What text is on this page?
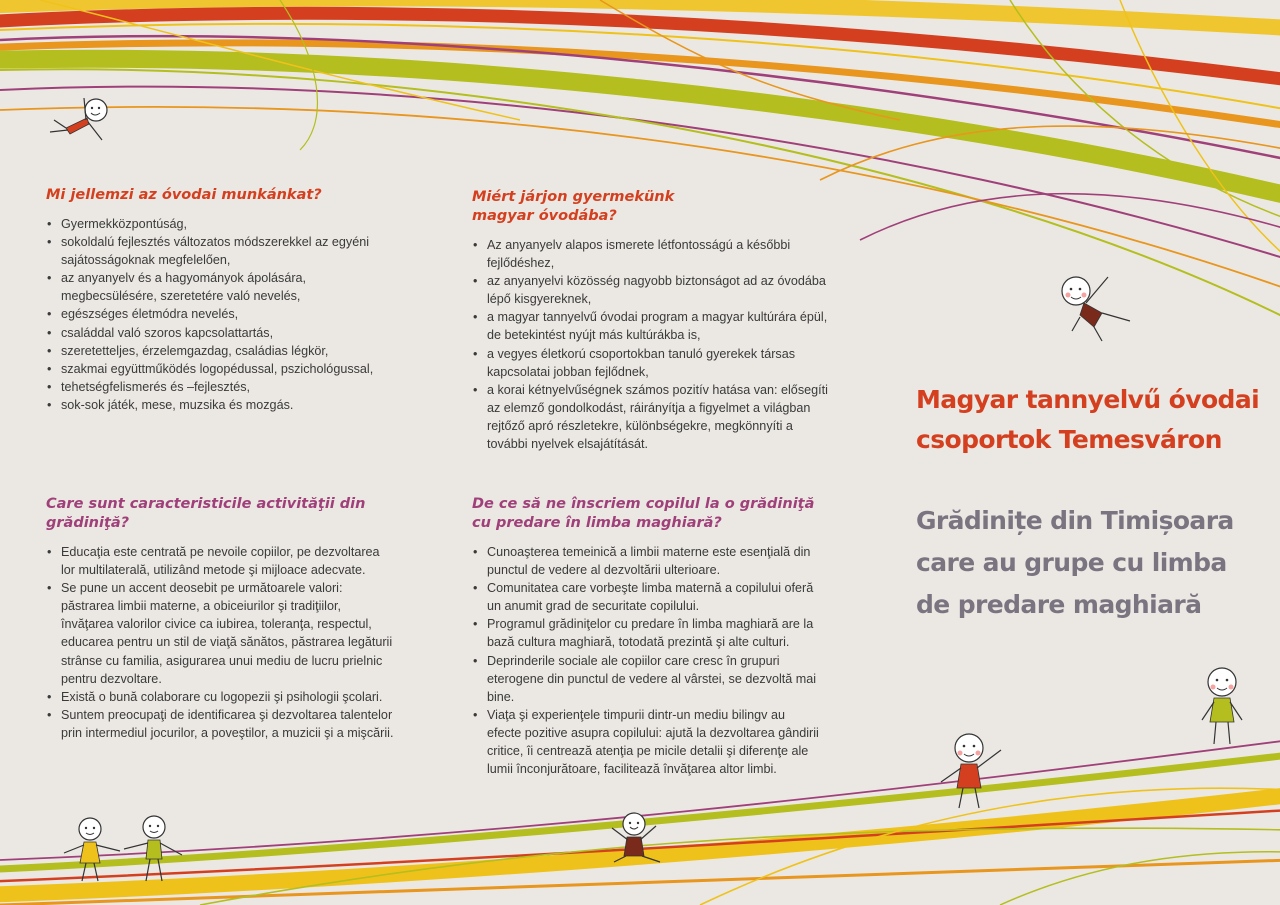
Mi jellemzi az óvodai munkánkat?
• Gyermekközpontúság,
• sokoldalú fejlesztés változatos módszerekkel az egyéni sajátosságoknak megfelelően,
• az anyanyelv és a hagyományok ápolására, megbecsülésére, szeretetére való nevelés,
• egészséges életmódra nevelés,
• családdal való szoros kapcsolattartás,
• szeretetteljes, érzelemgazdag, családias légkör,
• szakmai együttműködés logopédussal, pszichológussal,
• tehetségfelismerés és –fejlesztés,
• sok-sok játék, mese, muzsika és mozgás.
Miért járjon gyermekünk magyar óvodába?
• Az anyanyelv alapos ismerete létfontosságú a későbbi fejlődéshez,
• az anyanyelvi közösség nagyobb biztonságot ad az óvodába lépő kisgyereknek,
• a magyar tannyelvű óvodai program a magyar kultúrára épül, de betekintést nyújt más kultúrákba is,
• a vegyes életkorú csoportokban tanuló gyerekek társas kapcsolatai jobban fejlődnek,
• a korai kétnyelvűségnek számos pozitív hatása van: elősegíti az elemző gondolkodást, ráirányítja a figyelmet a világban rejtőző apró részletekre, különbségekre, megkönnyíti a további nyelvek elsajátítását.
Care sunt caracteristicile activităţii din grădiniţă?
• Educaţia este centrată pe nevoile copiilor, pe dezvoltarea lor multilaterală, utilizând metode şi mijloace adecvate.
• Se pune un accent deosebit pe următoarele valori: păstrarea limbii materne, a obiceiurilor şi tradiţiilor, învăţarea valorilor civice ca iubirea, toleranţa, respectul, educarea pentru un stil de viaţă sănătos, păstrarea legăturii strânse cu familia, asigurarea unui mediu de lucru prielnic pentru dezvoltare.
• Există o bună colaborare cu logopezii şi psihologii şcolari.
• Suntem preocupaţi de identificarea şi dezvoltarea talentelor prin intermediul jocurilor, a poveştilor, a muzicii şi a mişcării.
De ce să ne înscriem copilul la o grădiniţă cu predare în limba maghiară?
• Cunoaşterea temeinică a limbii materne este esenţială din punctul de vedere al dezvoltării ulterioare.
• Comunitatea care vorbeşte limba maternă a copilului oferă un anumit grad de securitate copilului.
• Programul grădiniţelor cu predare în limba maghiară are la bază cultura maghiară, totodată prezintă şi alte culturi.
• Deprinderile sociale ale copiilor care cresc în grupuri eterogene din punctul de vedere al vârstei, se dezvoltă mai bine.
• Viaţa şi experienţele timpurii dintr-un mediu bilingv au efecte pozitive asupra copilului: ajută la dezvoltarea gândirii critice, îi centrează atenţia pe micile detalii şi diferenţe ale lumii înconjurătoare, facilitează învăţarea altor limbi.
Magyar tannyelvű óvodai csoportok Temesváron
Grădinițe din Timișoara care au grupe cu limba de predare maghiară
